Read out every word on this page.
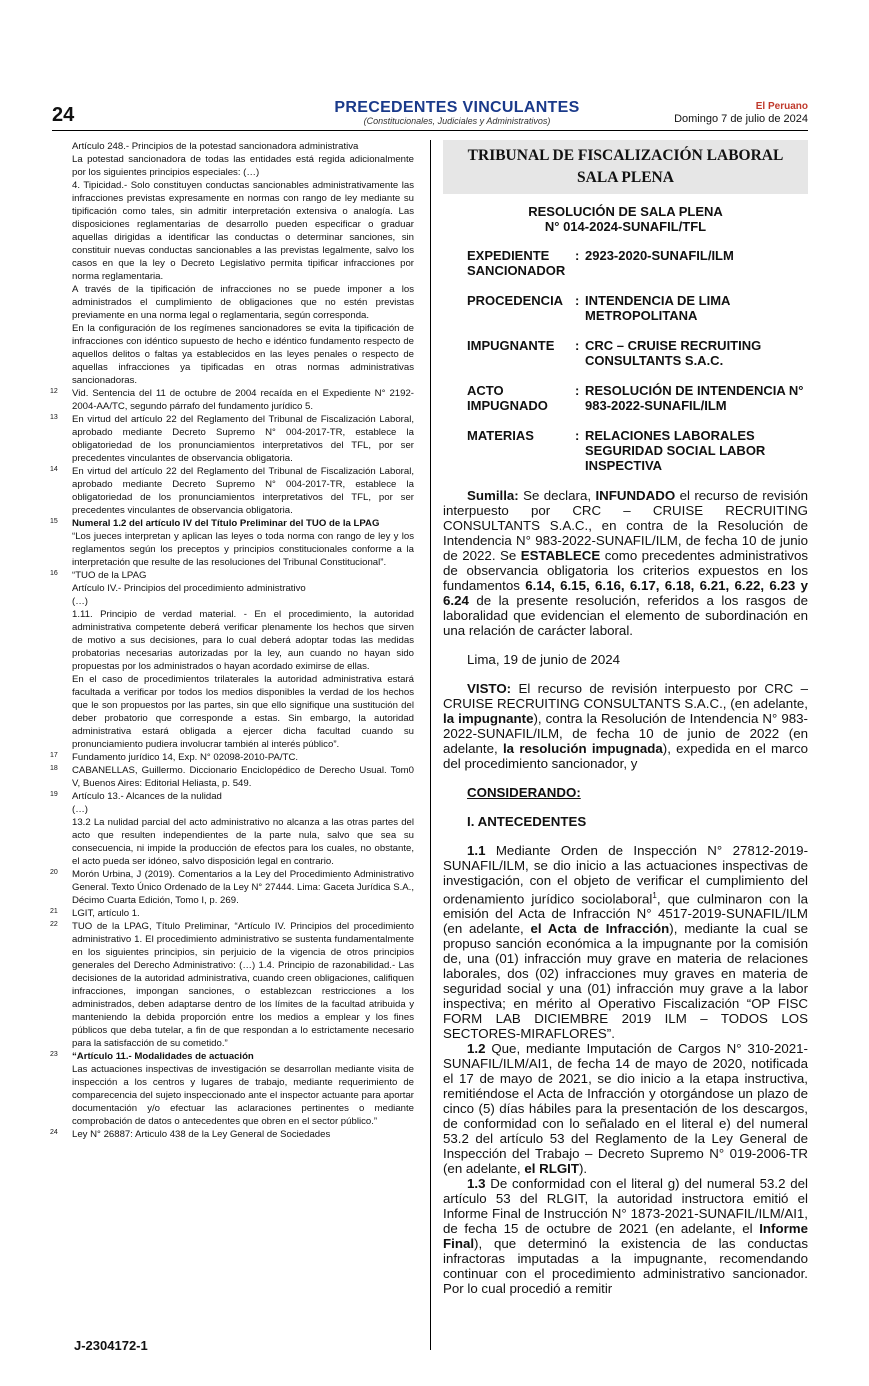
24	PRECEDENTES VINCULANTES
(Constitucionales, Judiciales y Administrativos)
El Peruano
Domingo 7 de julio de 2024

Artículo 248.- Principios de la potestad sancionadora administrativa

La potestad sancionadora de todas las entidades está regida adicionalmente por los siguientes principios especiales: (…)

4. Tipicidad.- Solo constituyen conductas sancionables administrativamente las infracciones previstas expresamente en normas con rango de ley mediante su tipificación como tales, sin admitir interpretación extensiva o analogía. Las disposiciones reglamentarias de desarrollo pueden especificar o graduar aquellas dirigidas a identificar las conductas o determinar sanciones, sin constituir nuevas conductas sancionables a las previstas legalmente, salvo los casos en que la ley o Decreto Legislativo permita tipificar infracciones por norma reglamentaria.

A través de la tipificación de infracciones no se puede imponer a los administrados el cumplimiento de obligaciones que no estén previstas previamente en una norma legal o reglamentaria, según corresponda.

En la configuración de los regímenes sancionadores se evita la tipificación de infracciones con idéntico supuesto de hecho e idéntico fundamento respecto de aquellos delitos o faltas ya establecidos en las leyes penales o respecto de aquellas infracciones ya tipificadas en otras normas administrativas sancionadoras.

12 Vid. Sentencia del 11 de octubre de 2004 recaída en el Expediente N° 2192-2004-AA/TC, segundo párrafo del fundamento jurídico 5.
13 En virtud del artículo 22 del Reglamento del Tribunal de Fiscalización Laboral, aprobado mediante Decreto Supremo N° 004-2017-TR, establece la obligatoriedad de los pronunciamientos interpretativos del TFL, por ser precedentes vinculantes de observancia obligatoria.
14 En virtud del artículo 22 del Reglamento del Tribunal de Fiscalización Laboral, aprobado mediante Decreto Supremo N° 004-2017-TR, establece la obligatoriedad de los pronunciamientos interpretativos del TFL, por ser precedentes vinculantes de observancia obligatoria.
15 Numeral 1.2 del artículo IV del Título Preliminar del TUO de la LPAG
“Los jueces interpretan y aplican las leyes o toda norma con rango de ley y los reglamentos según los preceptos y principios constitucionales conforme a la interpretación que resulte de las resoluciones del Tribunal Constitucional”.
16 “TUO de la LPAG
Artículo IV.- Principios del procedimiento administrativo
(…)
1.11. Principio de verdad material. - En el procedimiento, la autoridad administrativa competente deberá verificar plenamente los hechos que sirven de motivo a sus decisiones, para lo cual deberá adoptar todas las medidas probatorias necesarias autorizadas por la ley, aun cuando no hayan sido propuestas por los administrados o hayan acordado eximirse de ellas.
En el caso de procedimientos trilaterales la autoridad administrativa estará facultada a verificar por todos los medios disponibles la verdad de los hechos que le son propuestos por las partes, sin que ello signifique una sustitución del deber probatorio que corresponde a estas. Sin embargo, la autoridad administrativa estará obligada a ejercer dicha facultad cuando su pronunciamiento pudiera involucrar también al interés público”.
17 Fundamento jurídico 14, Exp. N° 02098-2010-PA/TC.
18 CABANELLAS, Guillermo. Diccionario Enciclopédico de Derecho Usual. Tom0 V, Buenos Aires: Editorial Heliasta, p. 549.
19 Artículo 13.- Alcances de la nulidad
(…)
13.2 La nulidad parcial del acto administrativo no alcanza a las otras partes del acto que resulten independientes de la parte nula, salvo que sea su consecuencia, ni impide la producción de efectos para los cuales, no obstante, el acto pueda ser idóneo, salvo disposición legal en contrario.
20 Morón Urbina, J (2019). Comentarios a la Ley del Procedimiento Administrativo General. Texto Único Ordenado de la Ley N° 27444. Lima: Gaceta Jurídica S.A., Décimo Cuarta Edición, Tomo I, p. 269.
21 LGIT, artículo 1.
22 TUO de la LPAG, Título Preliminar, “Artículo IV. Principios del procedimiento administrativo 1. El procedimiento administrativo se sustenta fundamentalmente en los siguientes principios, sin perjuicio de la vigencia de otros principios generales del Derecho Administrativo: (…) 1.4. Principio de razonabilidad.- Las decisiones de la autoridad administrativa, cuando creen obligaciones, califiquen infracciones, impongan sanciones, o establezcan restricciones a los administrados, deben adaptarse dentro de los límites de la facultad atribuida y manteniendo la debida proporción entre los medios a emplear y los fines públicos que deba tutelar, a fin de que respondan a lo estrictamente necesario para la satisfacción de su cometido.”
23 “Artículo 11.- Modalidades de actuación
Las actuaciones inspectivas de investigación se desarrollan mediante visita de inspección a los centros y lugares de trabajo, mediante requerimiento de comparecencia del sujeto inspeccionado ante el inspector actuante para aportar documentación y/o efectuar las aclaraciones pertinentes o mediante comprobación de datos o antecedentes que obren en el sector público.”
24 Ley N° 26887: Articulo 438 de la Ley General de Sociedades
TRIBUNAL DE FISCALIZACIÓN LABORAL
SALA PLENA
RESOLUCIÓN DE SALA PLENA
N° 014-2024-SUNAFIL/TFL
EXPEDIENTE SANCIONADOR
: 2923-2020-SUNAFIL/ILM
PROCEDENCIA : INTENDENCIA DE LIMA METROPOLITANA
IMPUGNANTE	: CRC – CRUISE RECRUITING CONSULTANTS S.A.C.
ACTO IMPUGNADO
: RESOLUCIÓN DE INTENDENCIA N° 983-2022-SUNAFIL/ILM
MATERIAS	: RELACIONES LABORALES SEGURIDAD SOCIAL LABOR INSPECTIVA

Sumilla: Se declara, INFUNDADO el recurso de revisión interpuesto por CRC – CRUISE RECRUITING CONSULTANTS S.A.C., en contra de la Resolución de Intendencia N° 983-2022-SUNAFIL/ILM, de fecha 10 de junio de 2022. Se ESTABLECE como precedentes administrativos de observancia obligatoria los criterios expuestos en los fundamentos 6.14, 6.15, 6.16, 6.17, 6.18, 6.21, 6.22, 6.23 y 6.24 de la presente resolución, referidos a los rasgos de laboralidad que evidencian el elemento de subordinación en una relación de carácter laboral.

Lima, 19 de junio de 2024

VISTO: El recurso de revisión interpuesto por CRC – CRUISE RECRUITING CONSULTANTS S.A.C., (en adelante, la impugnante), contra la Resolución de Intendencia N° 983-2022-SUNAFIL/ILM, de fecha 10 de junio de 2022 (en adelante, la resolución impugnada), expedida en el marco del procedimiento sancionador, y

CONSIDERANDO:

I. ANTECEDENTES

1.1 Mediante Orden de Inspección N° 27812-2019-SUNAFIL/ILM, se dio inicio a las actuaciones inspectivas de investigación, con el objeto de verificar el cumplimiento del ordenamiento jurídico sociolaboral$^1$, que culminaron con la emisión del Acta de Infracción N° 4517-2019-SUNAFIL/ILM (en adelante, el Acta de Infracción), mediante la cual se propuso sanción económica a la impugnante por la comisión de, una (01) infracción muy grave en materia de relaciones laborales, dos (02) infracciones muy graves en materia de seguridad social y una (01) infracción muy grave a la labor inspectiva; en mérito al Operativo Fiscalización “OP FISC FORM LAB DICIEMBRE 2019 ILM – TODOS LOS SECTORES-MIRAFLORES”.

1.2 Que, mediante Imputación de Cargos N° 310-2021-SUNAFIL/ILM/AI1, de fecha 14 de mayo de 2020, notificada el 17 de mayo de 2021, se dio inicio a la etapa instructiva, remitiéndose el Acta de Infracción y otorgándose un plazo de cinco (5) días hábiles para la presentación de los descargos, de conformidad con lo señalado en el literal e) del numeral 53.2 del artículo 53 del Reglamento de la Ley General de Inspección del Trabajo – Decreto Supremo N° 019-2006-TR (en adelante, el RLGIT).

1.3 De conformidad con el literal g) del numeral 53.2 del artículo 53 del RLGIT, la autoridad instructora emitió el Informe Final de Instrucción N° 1873-2021-SUNAFIL/ILM/AI1, de fecha 15 de octubre de 2021 (en adelante, el Informe Final), que determinó la existencia de las conductas infractoras imputadas a la impugnante, recomendando continuar con el procedimiento administrativo sancionador. Por lo cual procedió a remitir

J-2304172-1
